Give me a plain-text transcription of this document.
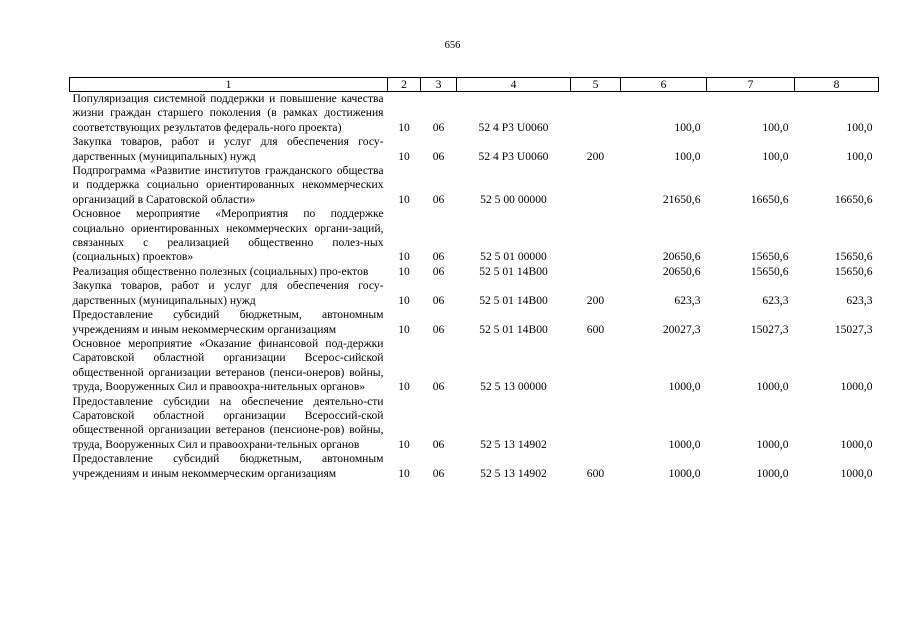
656
1	2	3	4	5	6	7	8
Популяризация системной поддержки и повышение качества жизни граждан старшего поколения (в рамках достижения соответствующих результатов федераль-ного проекта)	10	06	52 4 Р3 U0060		100,0	100,0	100,0
Закупка товаров, работ и услуг для обеспечения госу-дарственных (муниципальных) нужд	10	06	52 4 Р3 U0060	200	100,0	100,0	100,0
Подпрограмма «Развитие институтов гражданского общества и поддержка социально ориентированных некоммерческих организаций в Саратовской области»	10	06	52 5 00 00000		21650,6	16650,6	16650,6
Основное мероприятие «Мероприятия по поддержке социально ориентированных некоммерческих органи-заций, связанных с реализацией общественно полез-ных (социальных) проектов»	10	06	52 5 01 00000		20650,6	15650,6	15650,6
Реализация общественно полезных (социальных) про-ектов	10	06	52 5 01 14В00		20650,6	15650,6	15650,6
Закупка товаров, работ и услуг для обеспечения госу-дарственных (муниципальных) нужд	10	06	52 5 01 14В00	200	623,3	623,3	623,3
Предоставление субсидий бюджетным, автономным учреждениям и иным некоммерческим организациям	10	06	52 5 01 14В00	600	20027,3	15027,3	15027,3
Основное мероприятие «Оказание финансовой под-держки Саратовской областной организации Всерос-сийской общественной организации ветеранов (пенси-онеров) войны, труда, Вооруженных Сил и правоохра-нительных органов»	10	06	52 5 13 00000		1000,0	1000,0	1000,0
Предоставление субсидии на обеспечение деятельно-сти Саратовской областной организации Всероссий-ской общественной организации ветеранов (пенсионе-ров) войны, труда, Вооруженных Сил и правоохрани-тельных органов	10	06	52 5 13 14902		1000,0	1000,0	1000,0
Предоставление субсидий бюджетным, автономным учреждениям и иным некоммерческим организациям	10	06	52 5 13 14902	600	1000,0	1000,0	1000,0
